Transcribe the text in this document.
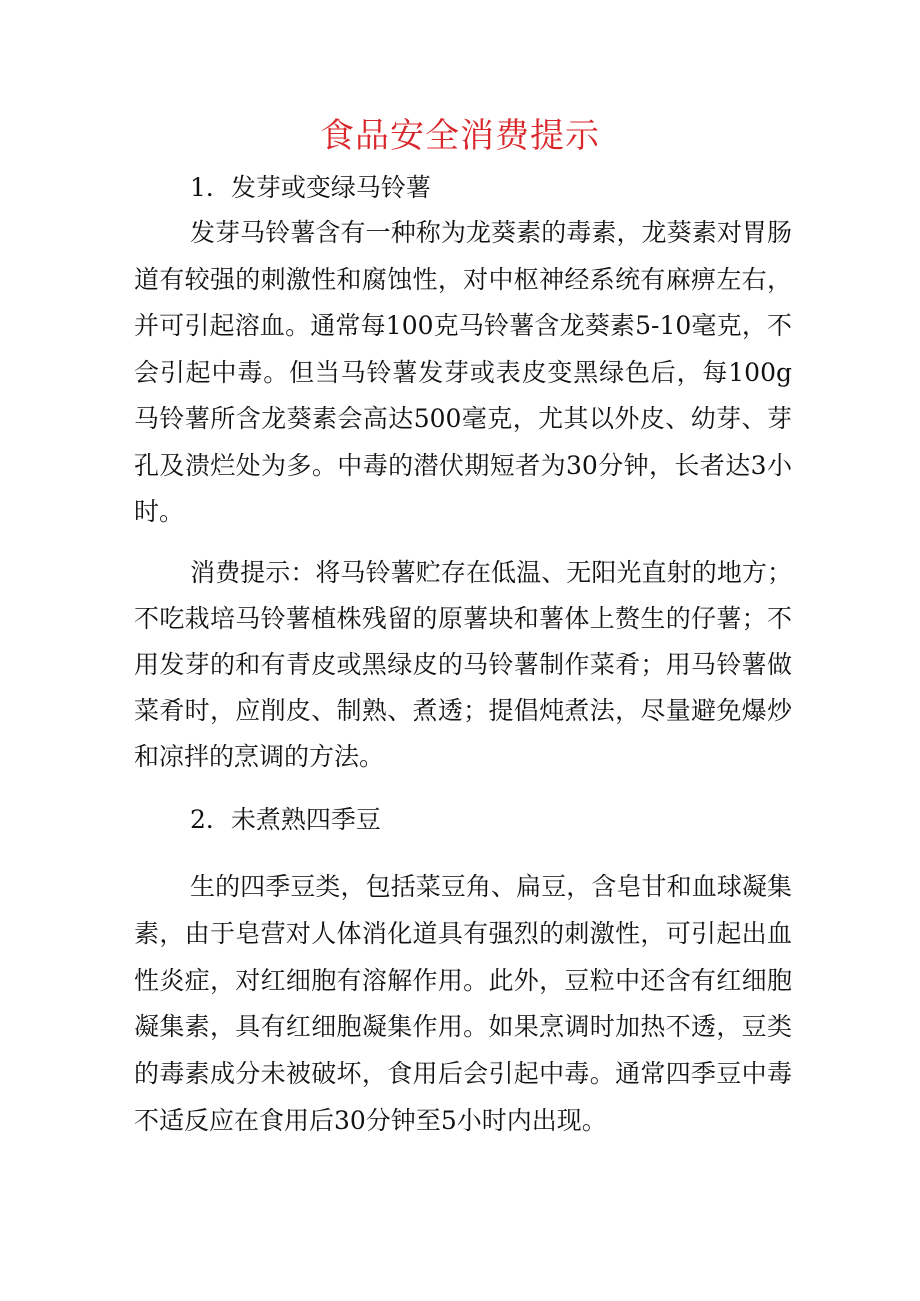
食品安全消费提示
1．发芽或变绿马铃薯

发芽马铃薯含有一种称为龙葵素的毒素，龙葵素对胃肠道有较强的刺激性和腐蚀性，对中枢神经系统有麻痹左右，并可引起溶血。通常每100克马铃薯含龙葵素5-10毫克，不会引起中毒。但当马铃薯发芽或表皮变黑绿色后，每100g马铃薯所含龙葵素会高达500毫克，尤其以外皮、幼芽、芽孔及溃烂处为多。中毒的潜伏期短者为30分钟，长者达3小时。

消费提示：将马铃薯贮存在低温、无阳光直射的地方；不吃栽培马铃薯植株残留的原薯块和薯体上赘生的仔薯；不用发芽的和有青皮或黑绿皮的马铃薯制作菜肴；用马铃薯做菜肴时，应削皮、制熟、煮透；提倡炖煮法，尽量避免爆炒和凉拌的烹调的方法。

2．未煮熟四季豆

生的四季豆类，包括菜豆角、扁豆，含皂甘和血球凝集素，由于皂营对人体消化道具有强烈的刺激性，可引起出血性炎症，对红细胞有溶解作用。此外，豆粒中还含有红细胞凝集素，具有红细胞凝集作用。如果烹调时加热不透，豆类的毒素成分未被破坏，食用后会引起中毒。通常四季豆中毒不适反应在食用后30分钟至5小时内出现。
